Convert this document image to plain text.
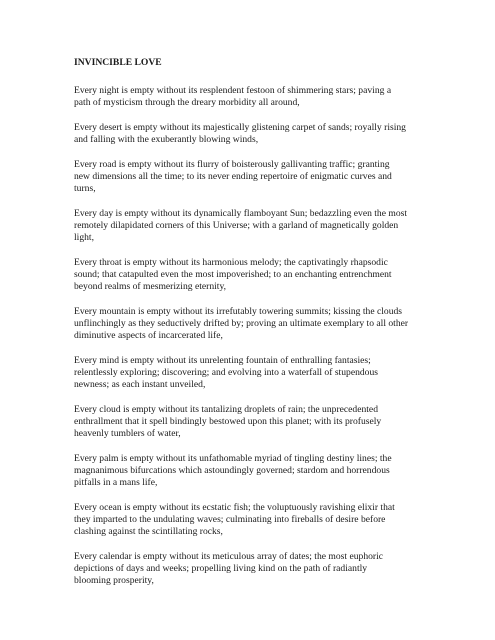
INVINCIBLE LOVE

Every night is empty without its resplendent festoon of shimmering stars; paving a
path of mysticism through the dreary morbidity all around,

Every desert is empty without its majestically glistening carpet of sands; royally rising
and falling with the exuberantly blowing winds,

Every road is empty without its flurry of boisterously gallivanting traffic; granting
new dimensions all the time; to its never ending repertoire of enigmatic curves and
turns,

Every day is empty without its dynamically flamboyant Sun; bedazzling even the most
remotely dilapidated corners of this Universe; with a garland of magnetically golden
light,

Every throat is empty without its harmonious melody; the captivatingly rhapsodic
sound; that catapulted even the most impoverished; to an enchanting entrenchment
beyond realms of mesmerizing eternity,

Every mountain is empty without its irrefutably towering summits; kissing the clouds
unflinchingly as they seductively drifted by; proving an ultimate exemplary to all other
diminutive aspects of incarcerated life,

Every mind is empty without its unrelenting fountain of enthralling fantasies;
relentlessly exploring; discovering; and evolving into a waterfall of stupendous
newness; as each instant unveiled,

Every cloud is empty without its tantalizing droplets of rain; the unprecedented
enthrallment that it spell bindingly bestowed upon this planet; with its profusely
heavenly tumblers of water,

Every palm is empty without its unfathomable myriad of tingling destiny lines; the
magnanimous bifurcations which astoundingly governed; stardom and horrendous
pitfalls in a mans life,

Every ocean is empty without its ecstatic fish; the voluptuously ravishing elixir that
they imparted to the undulating waves; culminating into fireballs of desire before
clashing against the scintillating rocks,

Every calendar is empty without its meticulous array of dates; the most euphoric
depictions of days and weeks; propelling living kind on the path of radiantly
blooming prosperity,
